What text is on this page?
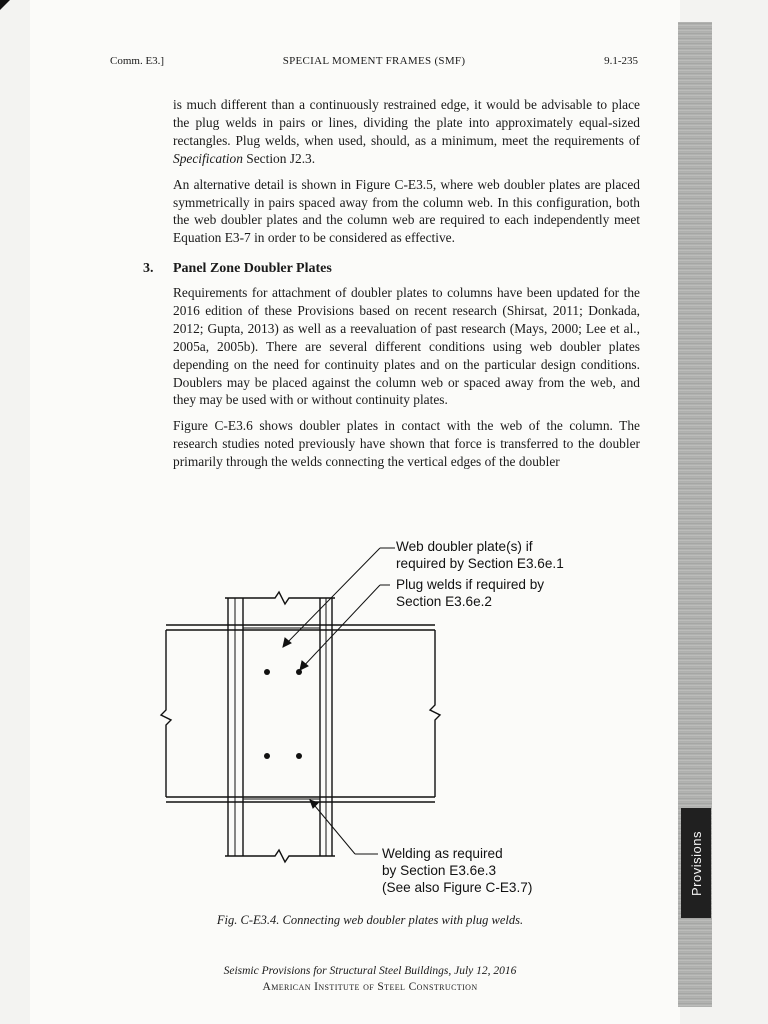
Provisions
Comm. E3.]	SPECIAL MOMENT FRAMES (SMF)	9.1-235

is much different than a continuously restrained edge, it would be advisable to place the plug welds in pairs or lines, dividing the plate into approximately equal-sized rectangles. Plug welds, when used, should, as a minimum, meet the requirements of Specification Section J2.3.

An alternative detail is shown in Figure C-E3.5, where web doubler plates are placed symmetrically in pairs spaced away from the column web. In this configuration, both the web doubler plates and the column web are required to each independently meet Equation E3-7 in order to be considered as effective.

3. Panel Zone Doubler Plates

Requirements for attachment of doubler plates to columns have been updated for the 2016 edition of these Provisions based on recent research (Shirsat, 2011; Donkada, 2012; Gupta, 2013) as well as a reevaluation of past research (Mays, 2000; Lee et al., 2005a, 2005b). There are several different conditions using web doubler plates depending on the need for continuity plates and on the particular design conditions. Doublers may be placed against the column web or spaced away from the web, and they may be used with or without continuity plates.

Figure C-E3.6 shows doubler plates in contact with the web of the column. The research studies noted previously have shown that force is transferred to the doubler primarily through the welds connecting the vertical edges of the doubler

Web doubler plate(s) if
required by Section E3.6e.1
Plug welds if required by
Section E3.6e.2
Welding as required
by Section E3.6e.3
(See also Figure C-E3.7)
Fig. C-E3.4. Connecting web doubler plates with plug welds.
Seismic Provisions for Structural Steel Buildings, July 12, 2016
American Institute of Steel Construction
